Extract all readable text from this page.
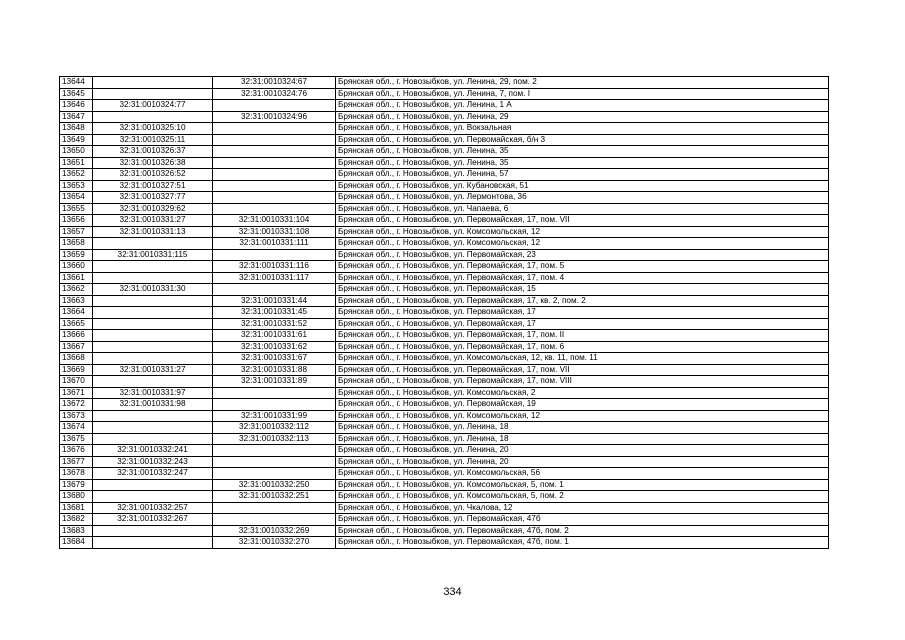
13644		32:31:0010324:67	Брянская обл., г. Новозыбков, ул. Ленина, 29, пом. 2
13645		32:31:0010324:76	Брянская обл., г. Новозыбков, ул. Ленина, 7, пом. I
13646	32:31:0010324:77		Брянская обл., г. Новозыбков, ул. Ленина, 1 А
13647		32:31:0010324:96	Брянская обл., г. Новозыбков, ул. Ленина, 29
13648	32:31:0010325:10		Брянская обл., г. Новозыбков, ул. Вокзальная
13649	32:31:0010325:11		Брянская обл., г. Новозыбков, ул. Первомайская, б/н 3
13650	32:31:0010326:37		Брянская обл., г. Новозыбков, ул. Ленина, 35
13651	32:31:0010326:38		Брянская обл., г. Новозыбков, ул. Ленина, 35
13652	32:31:0010326:52		Брянская обл., г. Новозыбков, ул. Ленина, 57
13653	32:31:0010327:51		Брянская обл., г. Новозыбков, ул. Кубановская, 51
13654	32:31:0010327:77		Брянская обл., г. Новозыбков, ул. Лермонтова, 36
13655	32:31:0010329:62		Брянская обл., г. Новозыбков, ул. Чапаева, 6
13656	32:31:0010331:27	32:31:0010331:104	Брянская обл., г. Новозыбков, ул. Первомайская, 17, пом. VII
13657	32:31:0010331:13	32:31:0010331:108	Брянская обл., г. Новозыбков, ул. Комсомольская, 12
13658		32:31:0010331:111	Брянская обл., г. Новозыбков, ул. Комсомольская, 12
13659	32:31:0010331:115		Брянская обл., г. Новозыбков, ул. Первомайская, 23
13660		32:31:0010331:116	Брянская обл., г. Новозыбков, ул. Первомайская, 17, пом. 5
13661		32:31:0010331:117	Брянская обл., г. Новозыбков, ул. Первомайская, 17, пом. 4
13662	32:31:0010331:30		Брянская обл., г. Новозыбков, ул. Первомайская, 15
13663		32:31:0010331:44	Брянская обл., г. Новозыбков, ул. Первомайская, 17, кв. 2, пом. 2
13664		32:31:0010331:45	Брянская обл., г. Новозыбков, ул. Первомайская, 17
13665		32:31:0010331:52	Брянская обл., г. Новозыбков, ул. Первомайская, 17
13666		32:31:0010331:61	Брянская обл., г. Новозыбков, ул. Первомайская, 17, пом. II
13667		32:31:0010331:62	Брянская обл., г. Новозыбков, ул. Первомайская, 17, пом. 6
13668		32:31:0010331:67	Брянская обл., г. Новозыбков, ул. Комсомольская, 12, кв. 11, пом. 11
13669	32:31:0010331:27	32:31:0010331:88	Брянская обл., г. Новозыбков, ул. Первомайская, 17, пом. VII
13670		32:31:0010331:89	Брянская обл., г. Новозыбков, ул. Первомайская, 17, пом. VIII
13671	32:31:0010331:97		Брянская обл., г. Новозыбков, ул. Комсомольская, 2
13672	32:31:0010331:98		Брянская обл., г. Новозыбков, ул. Первомайская, 19
13673		32:31:0010331:99	Брянская обл., г. Новозыбков, ул. Комсомольская, 12
13674		32:31:0010332:112	Брянская обл., г. Новозыбков, ул. Ленина, 18
13675		32:31:0010332:113	Брянская обл., г. Новозыбков, ул. Ленина, 18
13676	32:31:0010332:241		Брянская обл., г. Новозыбков, ул. Ленина, 20
13677	32:31:0010332:243		Брянская обл., г. Новозыбков, ул. Ленина, 20
13678	32:31:0010332:247		Брянская обл., г. Новозыбков, ул. Комсомольская, 56
13679		32:31:0010332:250	Брянская обл., г. Новозыбков, ул. Комсомольская, 5, пом. 1
13680		32:31:0010332:251	Брянская обл., г. Новозыбков, ул. Комсомольская, 5, пом. 2
13681	32:31:0010332:257		Брянская обл., г. Новозыбков, ул. Чкалова, 12
13682	32:31:0010332:267		Брянская обл., г. Новозыбков, ул. Первомайская, 47б
13683		32:31:0010332:269	Брянская обл., г. Новозыбков, ул. Первомайская, 47б, пом. 2
13684		32:31:0010332:270	Брянская обл., г. Новозыбков, ул. Первомайская, 47б, пом. 1
334
